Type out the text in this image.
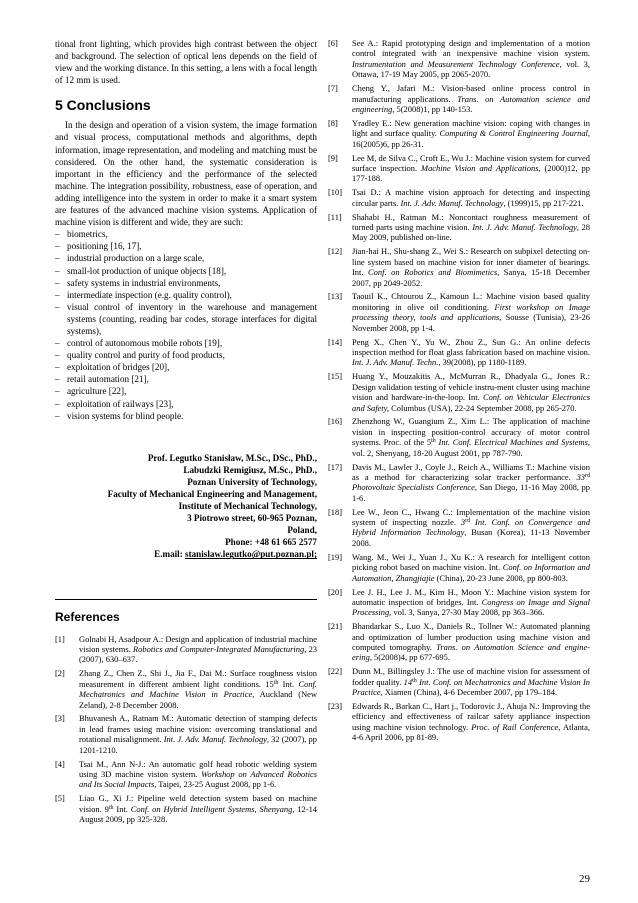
tional front lighting, which provides high contrast between the object and background. The selection of optical lens depends on the field of view and the working distance. In this setting, a lens with a focal length of 12 mm is used.

5 Conclusions

In the design and operation of a vision system, the image formation and visual process, computational methods and algorithms, depth information, image representation, and modeling and matching must be considered. On the other hand, the systematic consideration is important in the efficiency and the performance of the selected machine. The integration possibility, robustness, ease of operation, and adding intelligence into the system in order to make it a smart system are features of the advanced machine vision systems. Application of machine vision is different and wide, they are such:

– biometrics,
– positioning [16, 17],
– industrial production on a large scale,
– small-lot production of unique objects [18],
– safety systems in industrial environments,
– intermediate inspection (e.g. quality control),
– visual control of inventory in the warehouse and management systems (counting, reading bar codes, storage interfaces for digital systems),
– control of autonomous mobile robots [19],
– quality control and purity of food products,
– exploitation of bridges [20],
– retail automation [21],
– agriculture [22],
– exploitation of railways [23],
– vision systems for blind people.
Prof. Legutko Stanisław, M.Sc., DSc., PhD.,
Labudzki Remigiusz, M.Sc., PhD.,
Poznan University of Technology,
Faculty of Mechanical Engineering and Management,
Institute of Mechanical Technology,
3 Piotrowo street, 60-965 Poznan,
Poland,
Phone: +48 61 665 2577
E.mail: stanislaw.legutko@put.poznan.pl;
References
[1] Golnabi H, Asadpour A.: Design and application of industrial machine vision systems. Robotics and Computer-Integrated Manufacturing, 23 (2007), 630–637.
[2] Zhang Z., Chen Z., Shi J., Jia F., Dai M.: Surface roughness vision measurement in different ambient light conditions. 15th Int. Conf. Mechatronics and Machine Vision in Practice, Auckland (New Zeland), 2-8 December 2008.
[3] Bhuvanesh A., Ratnam M.: Automatic detection of stamping defects in lead frames using machine vision: overcoming translational and rotational misalignment. Int. J. Adv. Manuf. Technology, 32 (2007), pp 1201-1210.
[4] Tsai M., Ann N-J.: An automatic golf head robotic welding system using 3D machine vision system. Workshop on Advanced Robotics and Its Social Impacts, Taipei, 23-25 August 2008, pp 1-6.
[5] Liao G., Xi J.: Pipeline weld detection system based on machine vision. 9th Int. Conf. on Hybrid Intelligent Systems, Shenyang, 12-14 August 2009, pp 325-328.
[6] See A.: Rapid prototyping design and implementation of a motion control integrated with an inexpensive machine vision system. Instrumentation and Measurement Technology Conference, vol. 3, Ottawa, 17-19 May 2005, pp 2065-2070.
[7] Cheng Y., Jafari M.: Vision-based online process control in manufacturing applications. Trans. on Automation science and engineering, 5(2008)1, pp 140-153.
[8] Yradley E.: New generation machine vision: coping with changes in light and surface quality. Computing & Control Engineering Journal, 16(2005)6, pp 26-31.
[9] Lee M, de Silva C., Croft E., Wu J.: Machine vision system for curved surface inspection. Machine Vision and Applications, (2000)12, pp 177-188.
[10] Tsai D.: A machine vision approach for detecting and inspecting circular parts. Int. J. Adv. Manuf. Technology, (1999)15, pp 217-221.
[11] Shahabi H., Ratman M.: Noncontact roughness measurement of turned parts using machine vision. Int. J. Adv. Manuf. Technology, 28 May 2009, published on-line.
[12] Jian-hai H., Shu-shang Z., Wei S.: Research on subpixel detecting on-line system based on machine vision for inner diameter of bearings. Int. Conf. on Robotics and Biomimetics, Sanya, 15-18 December 2007, pp 2049-2052.
[13] Taouil K., Chtourou Z., Kamoun L.: Machine vision based quality monitoring in olive oil conditioning. First workshop on Image processing theory, tools and applications, Sousse (Tunisia), 23-26 November 2008, pp 1-4.
[14] Peng X., Chen Y., Yu W., Zhou Z., Sun G.: An online defects inspection method for float glass fabrication based on machine vision. Int. J. Adv. Manuf. Techn., 39(2008), pp 1180-1189.
[15] Huang Y., Mouzakitis A., McMurran R., Dhadyala G., Jones R.: Design validation testing of vehicle instru-ment cluster using machine vision and hardware-in-the-loop. Int. Conf. on Vehicular Electronics and Safety, Columbus (USA), 22-24 September 2008, pp 265-270.
[16] Zhenzhong W., Guangium Z., Xim L.: The application of machine vision in inspecting position-control accuracy of motor control systems. Proc. of the 5th Int. Conf. Electrical Machines and Systems, vol. 2, Shenyang, 18-20 August 2001, pp 787-790.
[17] Davis M., Lawler J., Coyle J., Reich A., Williams T.: Machine vision as a method for characterizing solar tracker performance. 33rd Photovoltaic Specialists Conference, San Diego, 11-16 May 2008, pp 1-6.
[18] Lee W., Jeon C., Hwang C.: Implementation of the machine vision system of inspecting nozzle. 3rd Int. Conf. on Convergence and Hybrid Information Technology, Busan (Korea), 11-13 November 2008.
[19] Wang. M., Wei J., Yuan J., Xu K.: A research for intelligent cotton picking robot based on machine vision. Int. Conf. on Information and Automation, Zhangjiajie (China), 20-23 June 2008, pp 800-803.
[20] Lee J. H., Lee J. M., Kim H., Moon Y.: Machine vision system for automatic inspection of bridges. Int. Congress on Image and Signal Processing, vol. 3, Sanya, 27-30 May 2008, pp 363–366.
[21] Bhandarkar S., Luo X., Daniels R., Tollner W.: Automated planning and optimization of lumber production using machine vision and computed tomography. Trans. on Automation Science and engine-ering, 5(2008)4, pp 677-695.
[22] Dunn M., Billingsley J.: The use of machine vision for assessment of fodder quality. 14th Int. Conf. on Mechatronics and Machine Vision In Practice, Xiamen (China), 4-6 December 2007, pp 179–184.
[23] Edwards R., Barkan C., Hart j., Todorovic J., Ahuja N.: Improving the efficiency and effectiveness of railcar safety appliance inspection using machine vision technology. Proc. of Rail Conference, Atlanta, 4-6 April 2006, pp 81-89.
29
